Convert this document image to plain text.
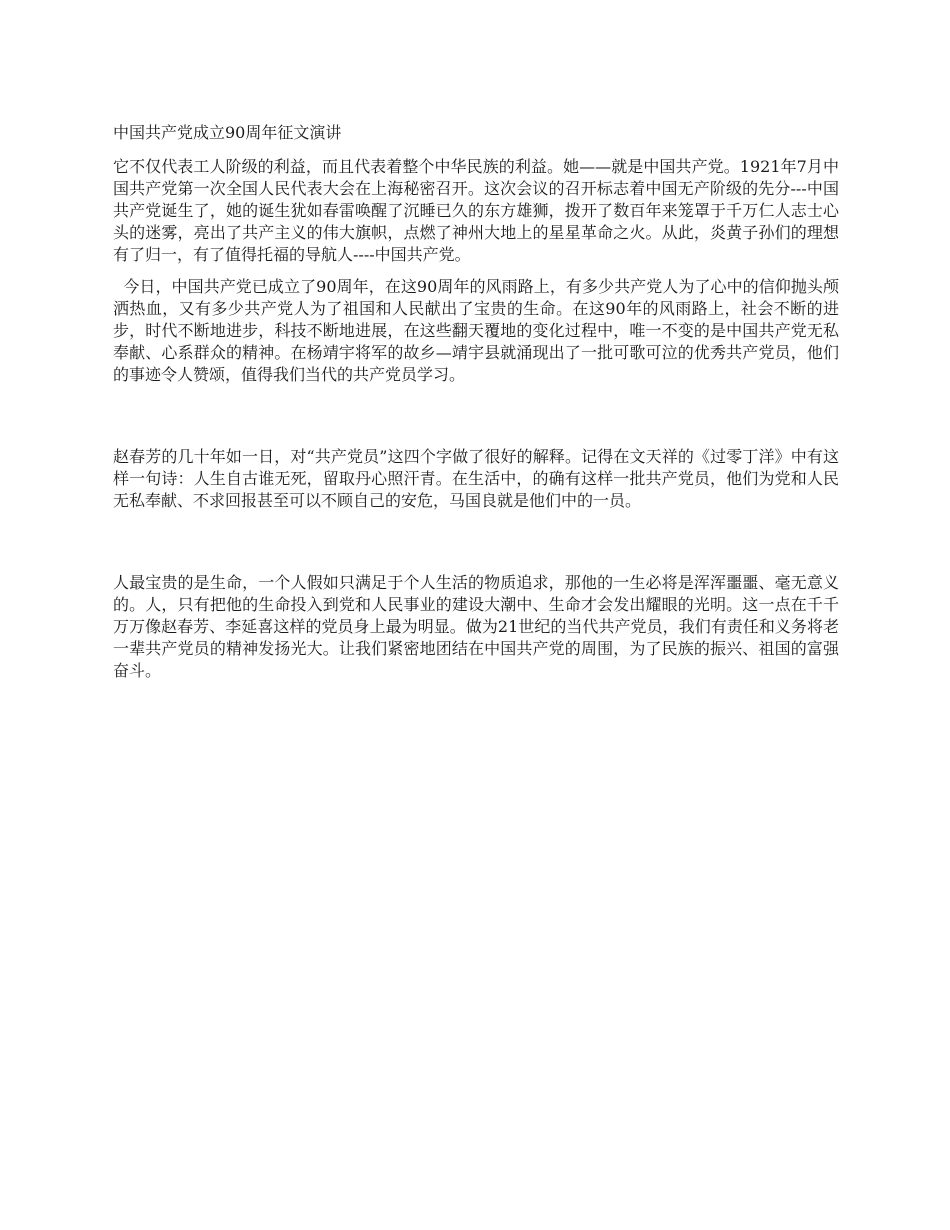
中国共产党成立90周年征文演讲

它不仅代表工人阶级的利益，而且代表着整个中华民族的利益。她——就是中国共产党。1921年7月中国共产党第一次全国人民代表大会在上海秘密召开。这次会议的召开标志着中国无产阶级的先分---中国共产党诞生了，她的诞生犹如春雷唤醒了沉睡已久的东方雄狮，拨开了数百年来笼罩于千万仁人志士心头的迷雾，亮出了共产主义的伟大旗帜，点燃了神州大地上的星星革命之火。从此，炎黄子孙们的理想有了归一，有了值得托福的导航人----中国共产党。

今日，中国共产党已成立了90周年，在这90周年的风雨路上，有多少共产党人为了心中的信仰抛头颅洒热血，又有多少共产党人为了祖国和人民献出了宝贵的生命。在这90年的风雨路上，社会不断的进步，时代不断地进步，科技不断地进展，在这些翻天覆地的变化过程中，唯一不变的是中国共产党无私奉献、心系群众的精神。在杨靖宇将军的故乡—靖宇县就涌现出了一批可歌可泣的优秀共产党员，他们的事迹令人赞颂，值得我们当代的共产党员学习。

赵春芳的几十年如一日，对“共产党员”这四个字做了很好的解释。记得在文天祥的《过零丁洋》中有这样一句诗：人生自古谁无死，留取丹心照汗青。在生活中，的确有这样一批共产党员，他们为党和人民无私奉献、不求回报甚至可以不顾自己的安危，马国良就是他们中的一员。

人最宝贵的是生命，一个人假如只满足于个人生活的物质追求，那他的一生必将是浑浑噩噩、毫无意义的。人，只有把他的生命投入到党和人民事业的建设大潮中、生命才会发出耀眼的光明。这一点在千千万万像赵春芳、李延喜这样的党员身上最为明显。做为21世纪的当代共产党员，我们有责任和义务将老一辈共产党员的精神发扬光大。让我们紧密地团结在中国共产党的周围，为了民族的振兴、祖国的富强奋斗。
